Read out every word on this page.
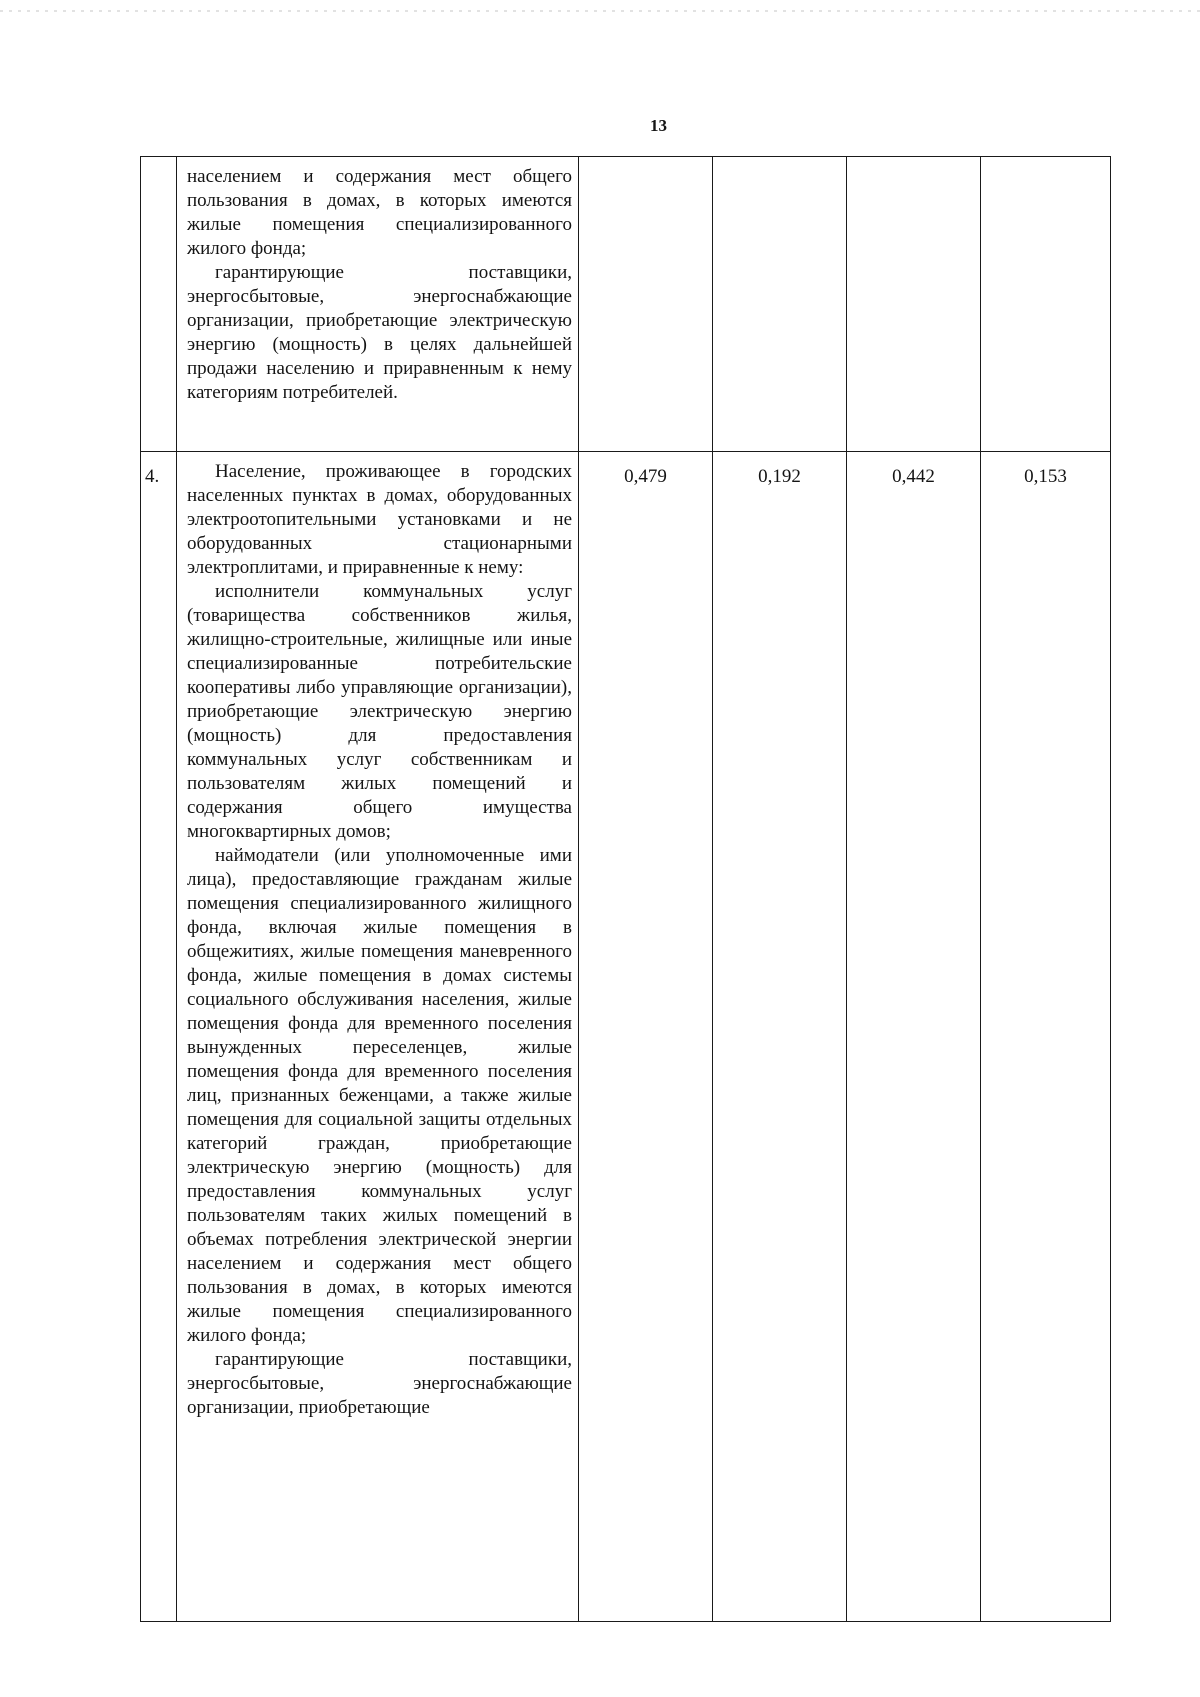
13

	населением и содержания мест общего пользования в домах, в которых имеются жилые помещения специализированного жилого фонда;

гарантирующие поставщики, энергосбытовые, энергоснабжающие организации, приобретающие электрическую энергию (мощность) в целях дальнейшей продажи населению и приравненным к нему категориям потребителей.				

4.	Население, проживающее в городских населенных пунктах в домах, оборудованных электроотопительными установками и не оборудованных стационарными электроплитами, и приравненные к нему:

исполнители коммунальных услуг (товарищества собственников жилья, жилищно-строительные, жилищные или иные специализированные потребительские кооперативы либо управляющие организации), приобретающие электрическую энергию (мощность) для предоставления коммунальных услуг собственникам и пользователям жилых помещений и содержания общего имущества многоквартирных домов;

наймодатели (или уполномоченные ими лица), предоставляющие гражданам жилые помещения специализированного жилищного фонда, включая жилые помещения в общежитиях, жилые помещения маневренного фонда, жилые помещения в домах системы социального обслуживания населения, жилые помещения фонда для временного поселения вынужденных переселенцев, жилые помещения фонда для временного поселения лиц, признанных беженцами, а также жилые помещения для социальной защиты отдельных категорий граждан, приобретающие электрическую энергию (мощность) для предоставления коммунальных услуг пользователям таких жилых помещений в объемах потребления электрической энергии населением и содержания мест общего пользования в домах, в которых имеются жилые помещения специализированного жилого фонда;

гарантирующие поставщики, энергосбытовые, энергоснабжающие организации, приобретающие	0,479	0,192	0,442	0,153
